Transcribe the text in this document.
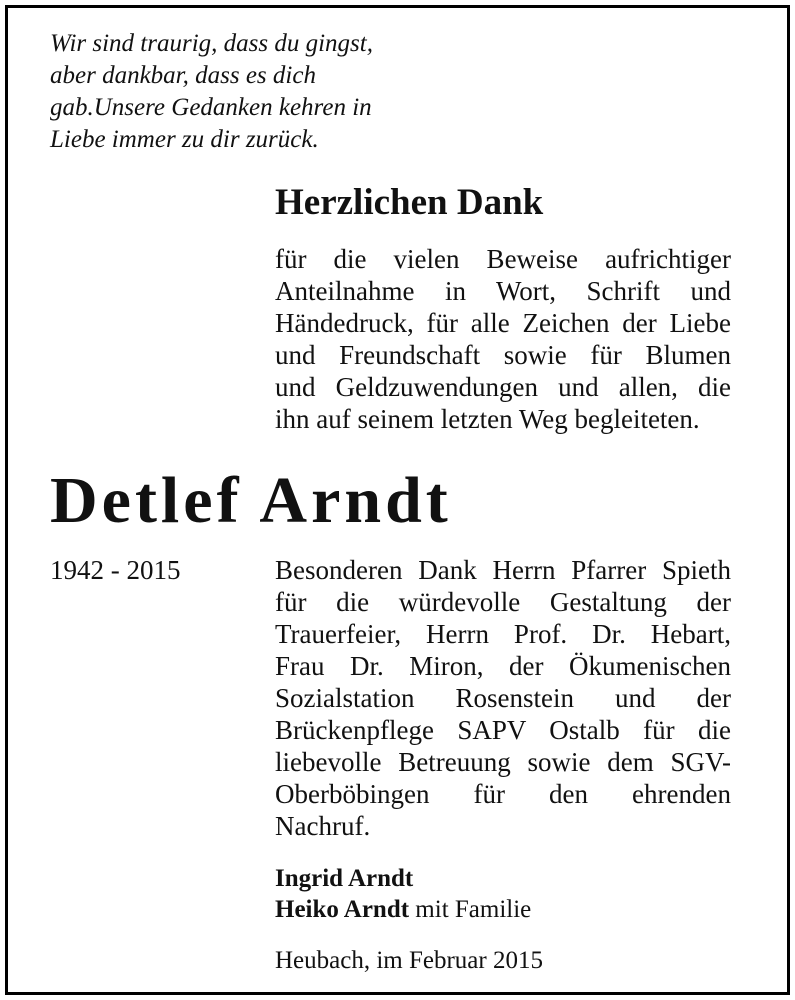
Wir sind traurig, dass du gingst,
aber dankbar, dass es dich
gab.Unsere Gedanken kehren in
Liebe immer zu dir zurück.
Herzlichen Dank
für die vielen Beweise aufrichtiger
Anteilnahme in Wort, Schrift und
Händedruck, für alle Zeichen der Liebe
und Freundschaft sowie für Blumen
und Geldzuwendungen und allen, die
ihn auf seinem letzten Weg begleiteten.
Detlef Arndt
1942 - 2015	Besonderen Dank Herrn Pfarrer Spieth
für die würdevolle Gestaltung der
Trauerfeier, Herrn Prof. Dr. Hebart,
Frau Dr. Miron, der Ökumenischen
Sozialstation Rosenstein und der
Brückenpflege SAPV Ostalb für die
liebevolle Betreuung sowie dem SGV-
Oberböbingen für den ehrenden
Nachruf.
Ingrid Arndt
Heiko Arndt mit Familie
Heubach, im Februar 2015
